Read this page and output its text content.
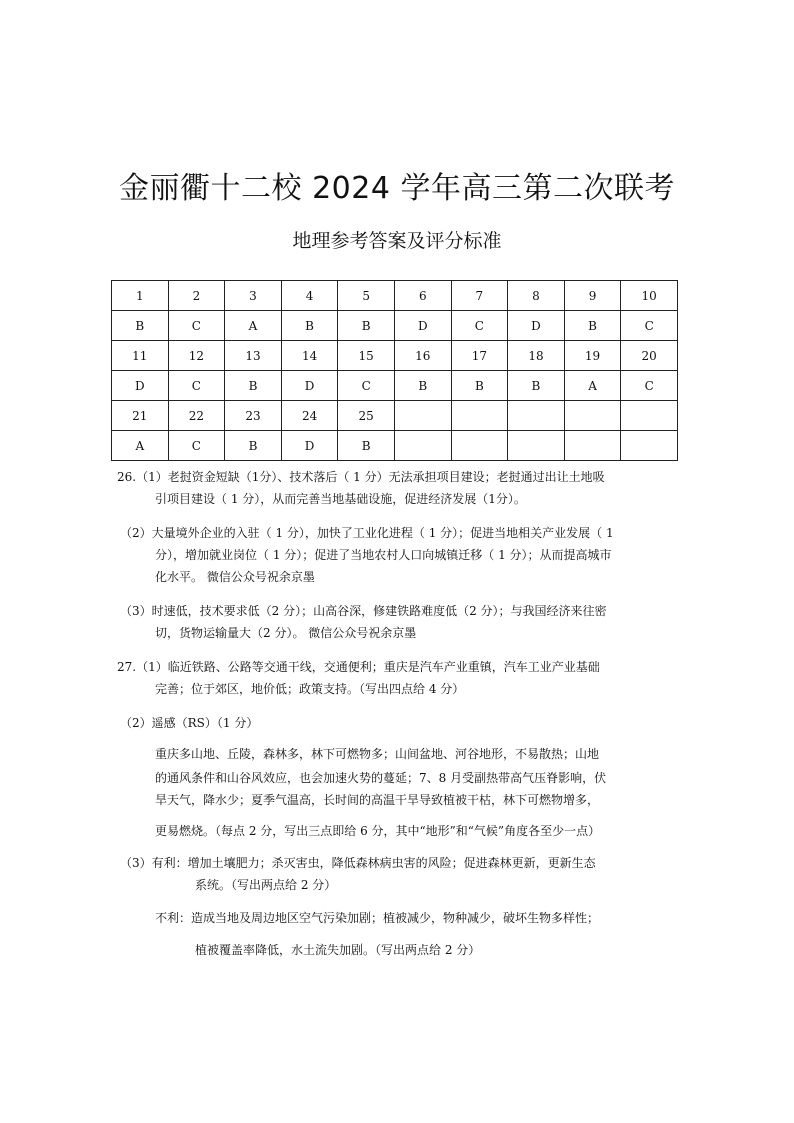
金丽衢十二校 2024 学年高三第二次联考
地理参考答案及评分标准
1	2	3	4	5	6	7	8	9	10
B	C	A	B	B	D	C	D	B	C
11	12	13	14	15	16	17	18	19	20
D	C	B	D	C	B	B	B	A	C
21	22	23	24	25					
A	C	B	D	B					
26.（1）老挝资金短缺（1分）、技术落后（ 1 分）无法承担项目建设；老挝通过出让土地吸
引项目建设（ 1 分），从而完善当地基础设施，促进经济发展（1分）。
（2）大量境外企业的入驻（ 1 分），加快了工业化进程（ 1 分）；促进当地相关产业发展（ 1
分），增加就业岗位（ 1 分）；促进了当地农村人口向城镇迁移（ 1 分）；从而提高城市
化水平。 微信公众号祝余京墨
（3）时速低，技术要求低（2 分）；山高谷深，修建铁路难度低（2 分）；与我国经济来往密
切，货物运输量大（2 分）。 微信公众号祝余京墨
27.（1）临近铁路、公路等交通干线，交通便利；重庆是汽车产业重镇，汽车工业产业基础
完善；位于郊区，地价低；政策支持。（写出四点给 4 分）
（2）遥感（RS）（1 分）
重庆多山地、丘陵，森林多，林下可燃物多；山间盆地、河谷地形，不易散热；山地
的通风条件和山谷风效应，也会加速火势的蔓延；7、8 月受副热带高气压脊影响，伏
旱天气，降水少；夏季气温高，长时间的高温干旱导致植被干枯，林下可燃物增多，
更易燃烧。（每点 2 分，写出三点即给 6 分，其中“地形”和“气候”角度各至少一点）
（3）有利：增加土壤肥力；杀灭害虫，降低森林病虫害的风险；促进森林更新，更新生态
系统。（写出两点给 2 分）
不利：造成当地及周边地区空气污染加剧；植被减少，物种减少，破坏生物多样性；
植被覆盖率降低，水土流失加剧。（写出两点给 2 分）
